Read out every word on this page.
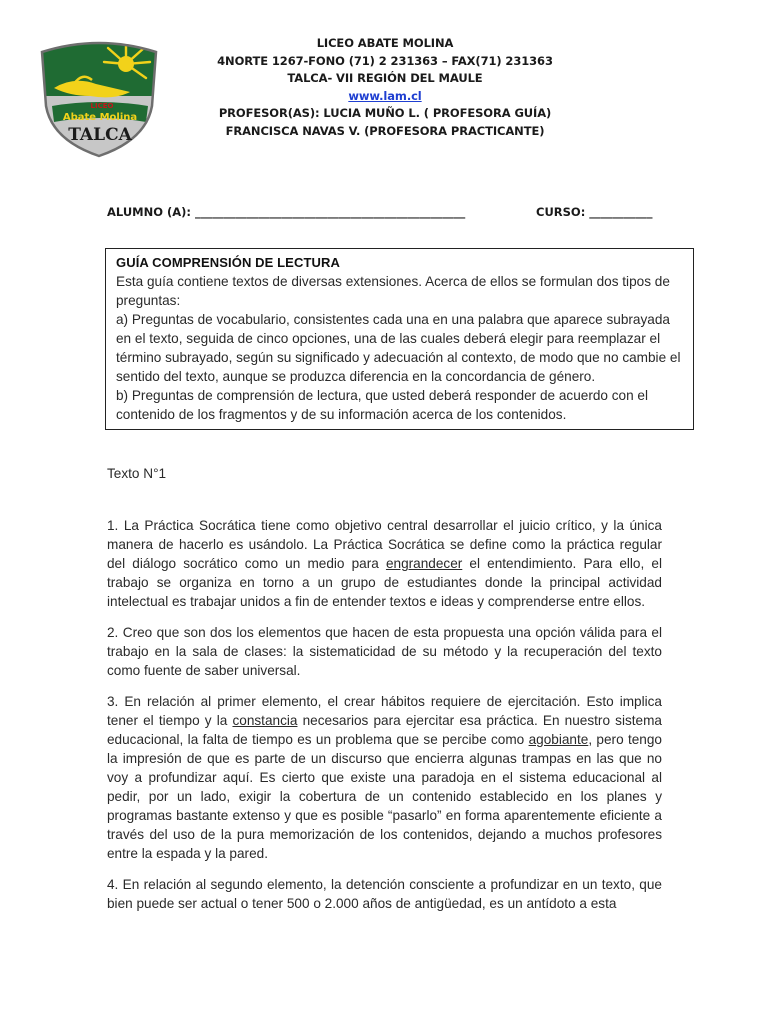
LICEO
Abate Molina
TALCA
LICEO ABATE MOLINA
4NORTE 1267-FONO (71) 2 231363 – FAX(71) 231363
TALCA- VII REGIÓN DEL MAULE
www.lam.cl
PROFESOR(AS): LUCIA MUÑO L. ( PROFESORA GUÍA)
FRANCISCA NAVAS V. (PROFESORA PRACTICANTE)
ALUMNO (A): _______________________________________________	CURSO: ___________

GUÍA COMPRENSIÓN DE LECTURA

Esta guía contiene textos de diversas extensiones. Acerca de ellos se formulan dos tipos de preguntas:

a) Preguntas de vocabulario, consistentes cada una en una palabra que aparece subrayada en el texto, seguida de cinco opciones, una de las cuales deberá elegir para reemplazar el término subrayado, según su significado y adecuación al contexto, de modo que no cambie el sentido del texto, aunque se produzca diferencia en la concordancia de género.

b) Preguntas de comprensión de lectura, que usted deberá responder de acuerdo con el contenido de los fragmentos y de su información acerca de los contenidos.

Texto N°1

1. La Práctica Socrática tiene como objetivo central desarrollar el juicio crítico, y la única manera de hacerlo es usándolo. La Práctica Socrática se define como la práctica regular del diálogo socrático como un medio para engrandecer el entendimiento. Para ello, el trabajo se organiza en torno a un grupo de estudiantes donde la principal actividad intelectual es trabajar unidos a fin de entender textos e ideas y comprenderse entre ellos.

2. Creo que son dos los elementos que hacen de esta propuesta una opción válida para el trabajo en la sala de clases: la sistematicidad de su método y la recuperación del texto como fuente de saber universal.

3. En relación al primer elemento, el crear hábitos requiere de ejercitación. Esto implica tener el tiempo y la constancia necesarios para ejercitar esa práctica. En nuestro sistema educacional, la falta de tiempo es un problema que se percibe como agobiante, pero tengo la impresión de que es parte de un discurso que encierra algunas trampas en las que no voy a profundizar aquí. Es cierto que existe una paradoja en el sistema educacional al pedir, por un lado, exigir la cobertura de un contenido establecido en los planes y programas bastante extenso y que es posible “pasarlo” en forma aparentemente eficiente a través del uso de la pura memorización de los contenidos, dejando a muchos profesores entre la espada y la pared.

4. En relación al segundo elemento, la detención consciente a profundizar en un texto, que bien puede ser actual o tener 500 o 2.000 años de antigüedad, es un antídoto a esta
